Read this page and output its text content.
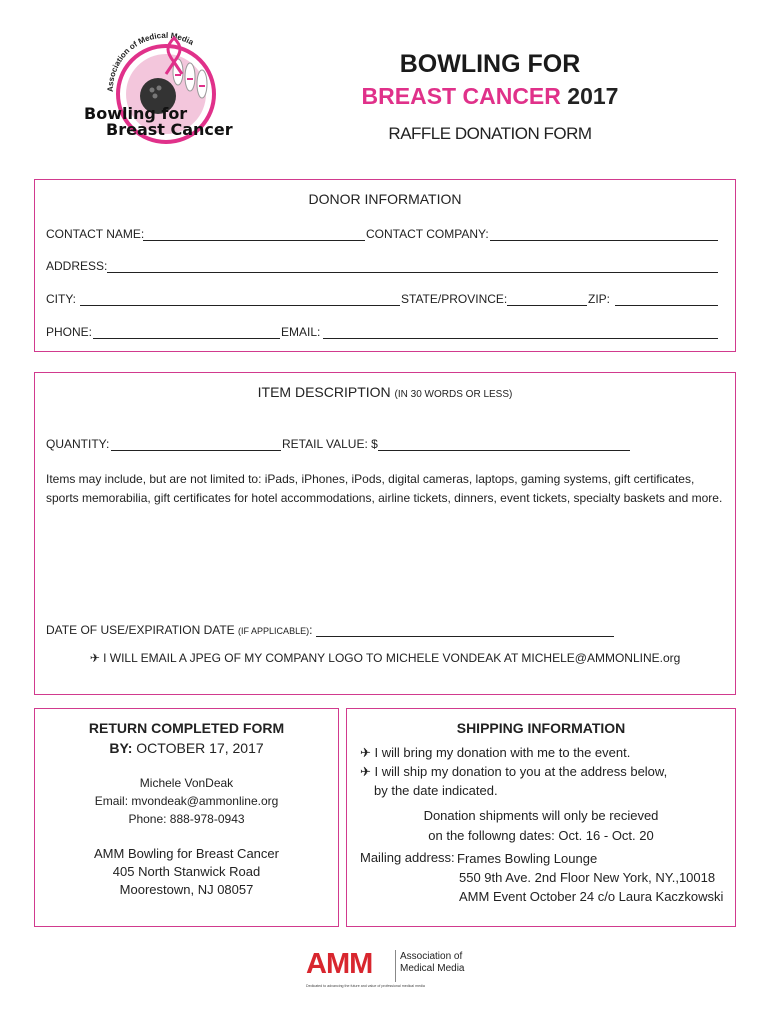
Association of Medical Media
Bowling for
Breast Cancer
BOWLING FOR
BREAST CANCER 2017
RAFFLE DONATION FORM
DONOR INFORMATION
CONTACT NAME:	CONTACT COMPANY:
ADDRESS:
CITY:	STATE/PROVINCE:	ZIP:
PHONE:	EMAIL:
ITEM DESCRIPTION (IN 30 WORDS OR LESS)
QUANTITY:	RETAIL VALUE: $
Items may include, but are not limited to: iPads, iPhones, iPods, digital cameras, laptops, gaming systems, gift certificates, sports memorabilia, gift certificates for hotel accommodations, airline tickets, dinners, event tickets, specialty baskets and more.
DATE OF USE/EXPIRATION DATE (IF APPLICABLE):
✈ I WILL EMAIL A JPEG OF MY COMPANY LOGO TO MICHELE VONDEAK AT MICHELE@AMMONLINE.org
RETURN COMPLETED FORM
BY: OCTOBER 17, 2017
Michele VonDeak
Email: mvondeak@ammonline.org
Phone: 888-978-0943
AMM Bowling for Breast Cancer
405 North Stanwick Road
Moorestown, NJ 08057
SHIPPING INFORMATION
✈ I will bring my donation with me to the event.
✈ I will ship my donation to you at the address below,
by the date indicated.
Donation shipments will only be recieved
on the followng dates: Oct. 16 - Oct. 20
Mailing address: Frames Bowling Lounge
550 9th Ave. 2nd Floor New York, NY.,10018
AMM Event October 24 c/o Laura Kaczkowski
AMM	Association of
Medical Media
Dedicated to advancing the future and value of professional medical media
